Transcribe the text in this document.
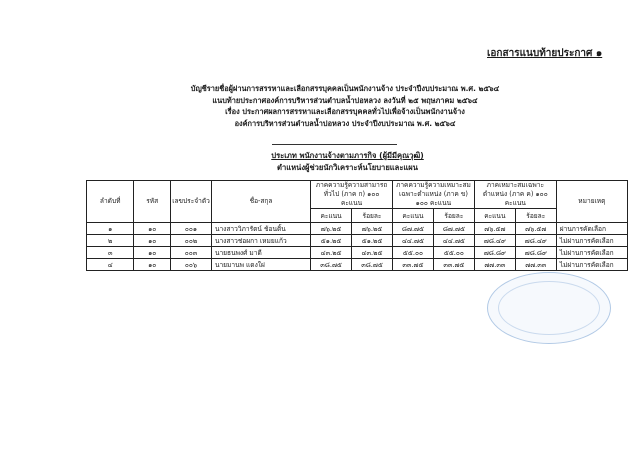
เอกสารแนบท้ายประกาศ ๑
บัญชีรายชื่อผู้ผ่านการสรรหาและเลือกสรรบุคคลเป็นพนักงานจ้าง ประจำปีงบประมาณ พ.ศ. ๒๕๖๔
แนบท้ายประกาศองค์การบริหารส่วนตำบลน้ำบ่อหลวง ลงวันที่ ๒๕ พฤษภาคม ๒๕๖๔
เรื่อง ประกาศผลการสรรหาและเลือกสรรบุคคลทั่วไปเพื่อจ้างเป็นพนักงานจ้าง
องค์การบริหารส่วนตำบลน้ำบ่อหลวง ประจำปีงบประมาณ พ.ศ. ๒๕๖๔
ประเภท พนักงานจ้างตามภารกิจ (ผู้มีมีคุณวุฒิ)
ตำแหน่งผู้ช่วยนักวิเคราะห์นโยบายและแผน
ลำดับที่	รหัส	เลขประจำตัว	ชื่อ-สกุล	ภาคความรู้ความสามารถทั่วไป (ภาค ก) ๑๐๐ คะแนน		ภาคความรู้ความเหมาะสมเฉพาะตำแหน่ง (ภาค ข) ๑๐๐ คะแนน		ภาคเหมาะสมเฉพาะตำแหน่ง (ภาค ค) ๑๐๐ คะแนน		หมายเหตุ
				คะแนน	ร้อยละ	คะแนน	ร้อยละ	คะแนน	ร้อยละ	
๑	๑๐	๐๐๑	นางสาววิภารัตน์ ช้อนติ้น	๗๖.๒๕	๗๖.๒๕	๘๗.๗๕	๘๗.๗๕	๗๖.๕๗	๗๖.๕๗	ผ่านการคัดเลือก
๒	๑๐	๐๐๒	นางสาวช่อผกา เหมยแก้ว	๕๑.๒๕	๕๑.๒๕	๔๔.๗๕	๔๔.๗๕	๗๘.๔๙	๗๘.๔๙	ไม่ผ่านการคัดเลือก
๓	๑๐	๐๐๓	นายธนพงศ์ มาดี	๔๓.๒๕	๔๓.๒๕	๕๕.๐๐	๕๕.๐๐	๗๘.๘๙	๗๘.๘๙	ไม่ผ่านการคัดเลือก
๔	๑๐	๐๐๖	นายมานพ แดงใผ่	๓๘.๗๕	๓๘.๗๕	๓๓.๗๕	๓๓.๗๕	๗๗.๓๓	๗๗.๓๓	ไม่ผ่านการคัดเลือก
